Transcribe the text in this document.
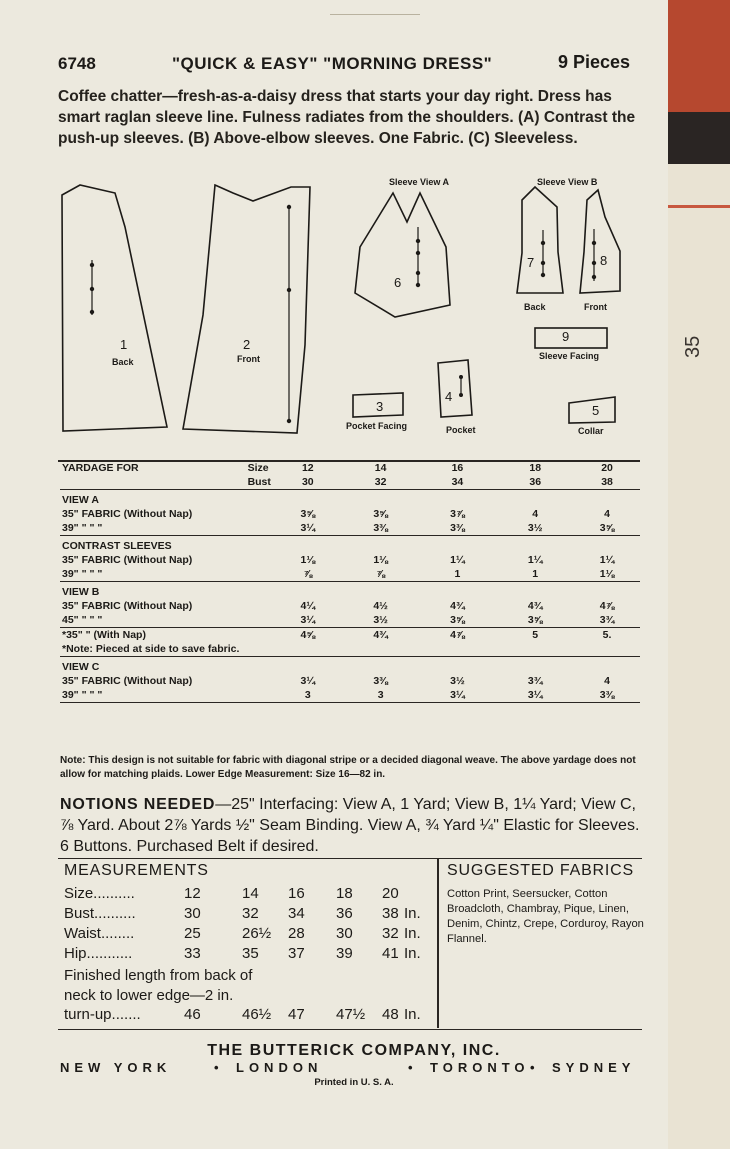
35
6748	"QUICK & EASY" "MORNING DRESS"	9 Pieces
Coffee chatter—fresh-as-a-daisy dress that starts your day right. Dress has smart raglan sleeve line. Fulness radiates from the shoulders. (A) Contrast the push-up sleeves. (B) Above-elbow sleeves. One Fabric. (C) Sleeveless.
1
Back
2
Front
Sleeve View A
6
Sleeve View B
7	8
Back	Front
9
Sleeve Facing
3
Pocket Facing
4
Pocket
5
Collar
YARDAGE FOR	Size	12	14	16	18	20
	Bust	30	32	34	36	38
VIEW A						
35" FABRIC (Without Nap)		3⅝	3⅝	3⅞	4	4
39" " " "		3¼	3⅜	3⅜	3½	3⅝
CONTRAST SLEEVES						
35" FABRIC (Without Nap)		1⅛	1⅛	1¼	1¼	1¼
39" " " "		⅞	⅞	1	1	1⅛
VIEW B						
35" FABRIC (Without Nap)		4¼	4½	4¾	4¾	4⅞
45" " " "		3¼	3½	3⅝	3⅝	3¾
*35" " (With Nap)		4⅝	4¾	4⅞	5	5.
*Note: Pieced at side to save fabric.						
VIEW C						
35" FABRIC (Without Nap)		3¼	3⅜	3½	3¾	4
39" " " "		3	3	3¼	3¼	3⅜
Note: This design is not suitable for fabric with diagonal stripe or a decided diagonal weave. The above yardage does not allow for matching plaids. Lower Edge Measurement: Size 16—82 in.
NOTIONS NEEDED—25" Interfacing: View A, 1 Yard; View B, 1¼ Yard; View C, ⅞ Yard. About 2⅞ Yards ½" Seam Binding. View A, ¾ Yard ¼" Elastic for Sleeves. 6 Buttons. Purchased Belt if desired.
MEASUREMENTS	SUGGESTED FABRICS
Size..........	12	14 16 18 20
Bust..........	30	32 34 36 38 In.
Waist........	25	26½ 28 30 32 In.
Hip...........	33	35 37 39 41 In.
turn-up.......	46	46½ 47 47½ 48 In.
Finished length from back of
neck to lower edge—2 in.
Cotton Print, Seersucker, Cotton Broadcloth, Chambray, Pique, Linen, Denim, Chintz, Crepe, Corduroy, Rayon Flannel.
THE BUTTERICK COMPANY, INC.
NEW YORK	• LONDON	• TORONTO • SYDNEY
Printed in U. S. A.
